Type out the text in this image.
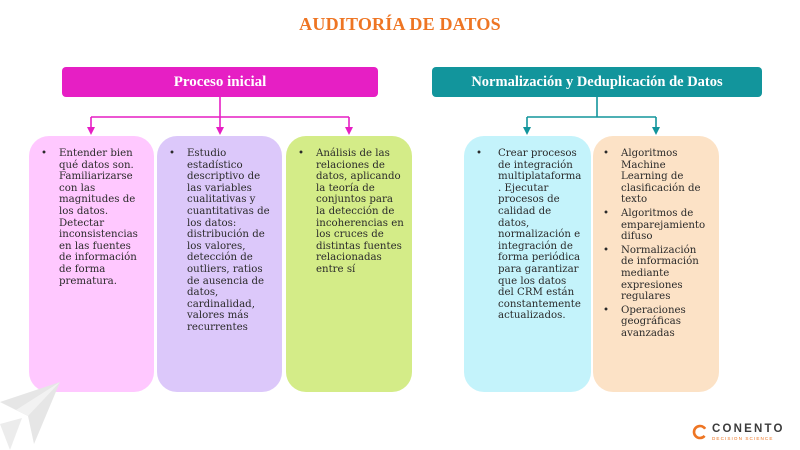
AUDITORÍA DE DATOS
Proceso inicial	Normalización y Deduplicación de Datos
• Entender bien qué datos son. Familiarizarse con las magnitudes de los datos. Detectar inconsistencias en las fuentes de información de forma prematura.
• Estudio estadístico descriptivo de las variables cualitativas y cuantitativas de los datos: distribución de los valores, detección de outliers, ratios de ausencia de datos, cardinalidad, valores más recurrentes
• Análisis de las relaciones de datos, aplicando la teoría de conjuntos para la detección de incoherencias en los cruces de distintas fuentes relacionadas entre sí
• Crear procesos de integración multiplataforma . Ejecutar procesos de calidad de datos, normalización e integración de forma periódica para garantizar que los datos del CRM están constantemente actualizados.
• Algoritmos Machine Learning de clasificación de texto
• Algoritmos de emparejamiento difuso
• Normalización de información mediante expresiones regulares
• Operaciones geográficas avanzadas
CONENTO
DECISION SCIENCE
